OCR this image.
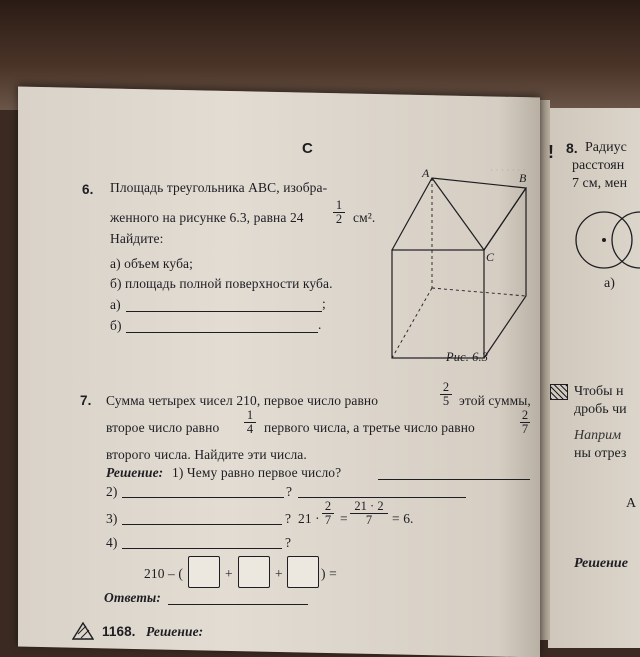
· · · · · · ·
C
6. Площадь треугольника ABC, изобра-
женного на рисунке 6.3, равна 24
1
2 см².
Найдите:
а) объем куба;
б) площадь полной поверхности куба.
а)	;
б)	.
A	B
C
Рис. 6.3
7. Сумма четырех чисел 210, первое число равно
2
5 этой суммы,
второе число равно
1
4 первого числа, а третье число равно
2
7
второго числа. Найдите эти числа.
Решение: 1) Чему равно первое число?
2)	?
3)	? 21 ·
2
7 =
21 · 2
7	= 6.
4)	?
210 – (	+	+	) =
Ответы:
1168. Решение:
! 8. Радиус
расстоян
7 см, мен
а)
Чтобы н
дробь чи
Наприм
ны отрез
А
Решение
